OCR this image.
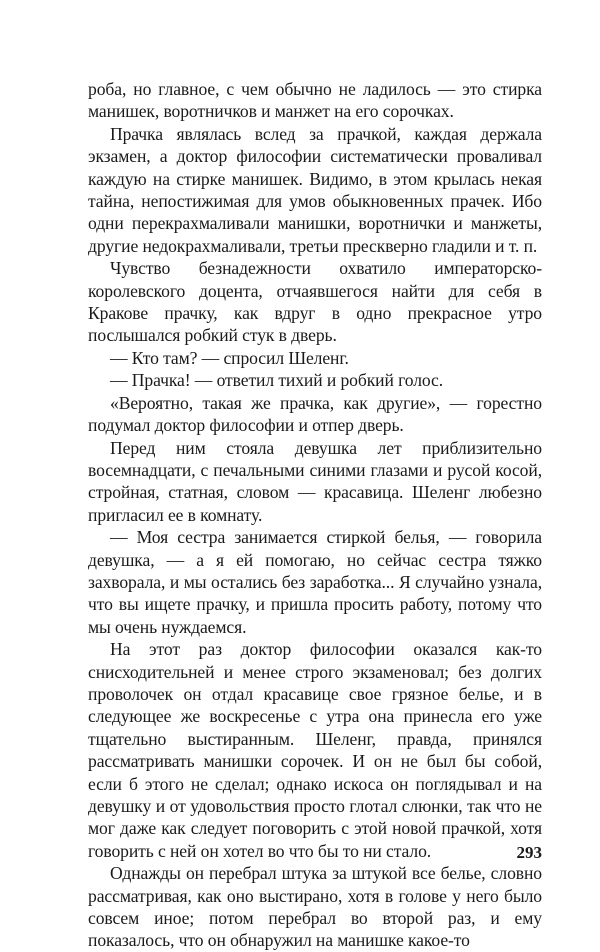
роба, но главное, с чем обычно не ладилось — это стирка манишек, воротничков и манжет на его сорочках.

Прачка являлась вслед за прачкой, каждая держала экзамен, а доктор философии систематически проваливал каждую на стирке манишек. Видимо, в этом крылась некая тайна, непостижимая для умов обыкновенных прачек. Ибо одни перекрахмаливали манишки, воротнички и манжеты, другие недокрахмаливали, третьи прескверно гладили и т. п.

Чувство безнадежности охватило императорско-королевского доцента, отчаявшегося найти для себя в Кракове прачку, как вдруг в одно прекрасное утро послышался робкий стук в дверь.

— Кто там? — спросил Шеленг.

— Прачка! — ответил тихий и робкий голос.

«Вероятно, такая же прачка, как другие», — горестно подумал доктор философии и отпер дверь.

Перед ним стояла девушка лет приблизительно восемнадцати, с печальными синими глазами и русой косой, стройная, статная, словом — красавица. Шеленг любезно пригласил ее в комнату.

— Моя сестра занимается стиркой белья, — говорила девушка, — а я ей помогаю, но сейчас сестра тяжко захворала, и мы остались без заработка... Я случайно узнала, что вы ищете прачку, и пришла просить работу, потому что мы очень нуждаемся.

На этот раз доктор философии оказался как-то снисходительней и менее строго экзаменовал; без долгих проволочек он отдал красавице свое грязное белье, и в следующее же воскресенье с утра она принесла его уже тщательно выстиранным. Шеленг, правда, принялся рассматривать манишки сорочек. И он не был бы собой, если б этого не сделал; однако искоса он поглядывал и на девушку и от удовольствия просто глотал слюнки, так что не мог даже как следует поговорить с этой новой прачкой, хотя говорить с ней он хотел во что бы то ни стало.

Однажды он перебрал штука за штукой все белье, словно рассматривая, как оно выстирано, хотя в голове у него было совсем иное; потом перебрал во второй раз, и ему показалось, что он обнаружил на манишке какое-то

293
